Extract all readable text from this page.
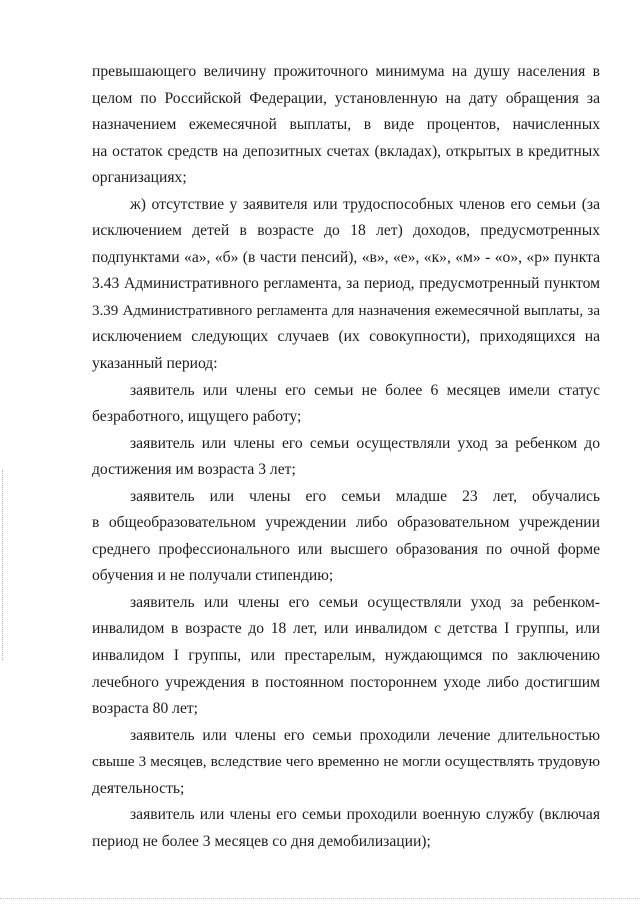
превышающего величину прожиточного минимума на душу населения в
целом по Российской Федерации, установленную на дату обращения за
назначением ежемесячной выплаты, в виде процентов, начисленных
на остаток средств на депозитных счетах (вкладах), открытых в кредитных
организациях;
ж) отсутствие у заявителя или трудоспособных членов его семьи (за
исключением детей в возрасте до 18 лет) доходов, предусмотренных
подпунктами «а», «б» (в части пенсий), «в», «е», «к», «м» - «о», «р» пункта
3.43 Административного регламента, за период, предусмотренный пунктом
3.39 Административного регламента для назначения ежемесячной выплаты, за
исключением следующих случаев (их совокупности), приходящихся на
указанный период:
заявитель или члены его семьи не более 6 месяцев имели статус
безработного, ищущего работу;
заявитель или члены его семьи осуществляли уход за ребенком до
достижения им возраста 3 лет;
заявитель или члены его семьи младше 23 лет, обучались
в общеобразовательном учреждении либо образовательном учреждении
среднего профессионального или высшего образования по очной форме
обучения и не получали стипендию;
заявитель или члены его семьи осуществляли уход за ребенком-
инвалидом в возрасте до 18 лет, или инвалидом с детства I группы, или
инвалидом I группы, или престарелым, нуждающимся по заключению
лечебного учреждения в постоянном постороннем уходе либо достигшим
возраста 80 лет;
заявитель или члены его семьи проходили лечение длительностью
свыше 3 месяцев, вследствие чего временно не могли осуществлять трудовую
деятельность;
заявитель или члены его семьи проходили военную службу (включая
период не более 3 месяцев со дня демобилизации);
